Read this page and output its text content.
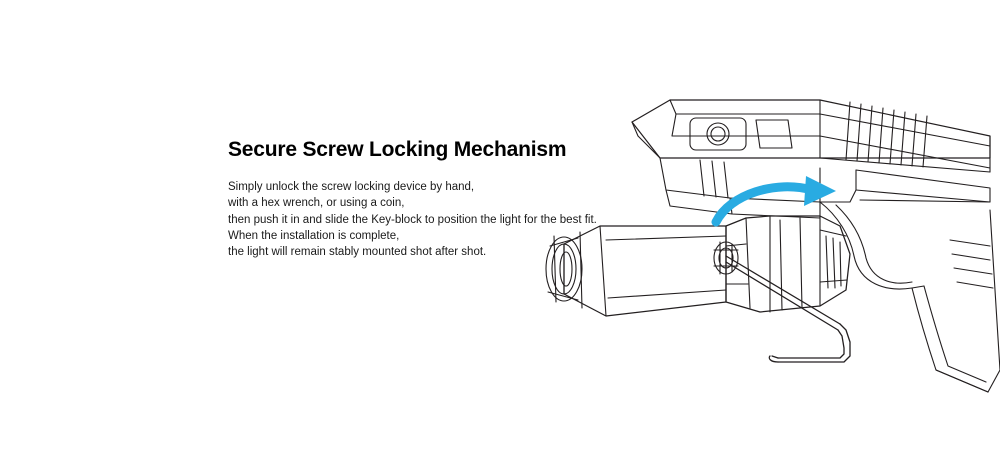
Secure Screw Locking Mechanism

Simply unlock the screw locking device by hand,
with a hex wrench, or using a coin,
then push it in and slide the Key-block to position the light for the best fit.
When the installation is complete,
the light will remain stably mounted shot after shot.
